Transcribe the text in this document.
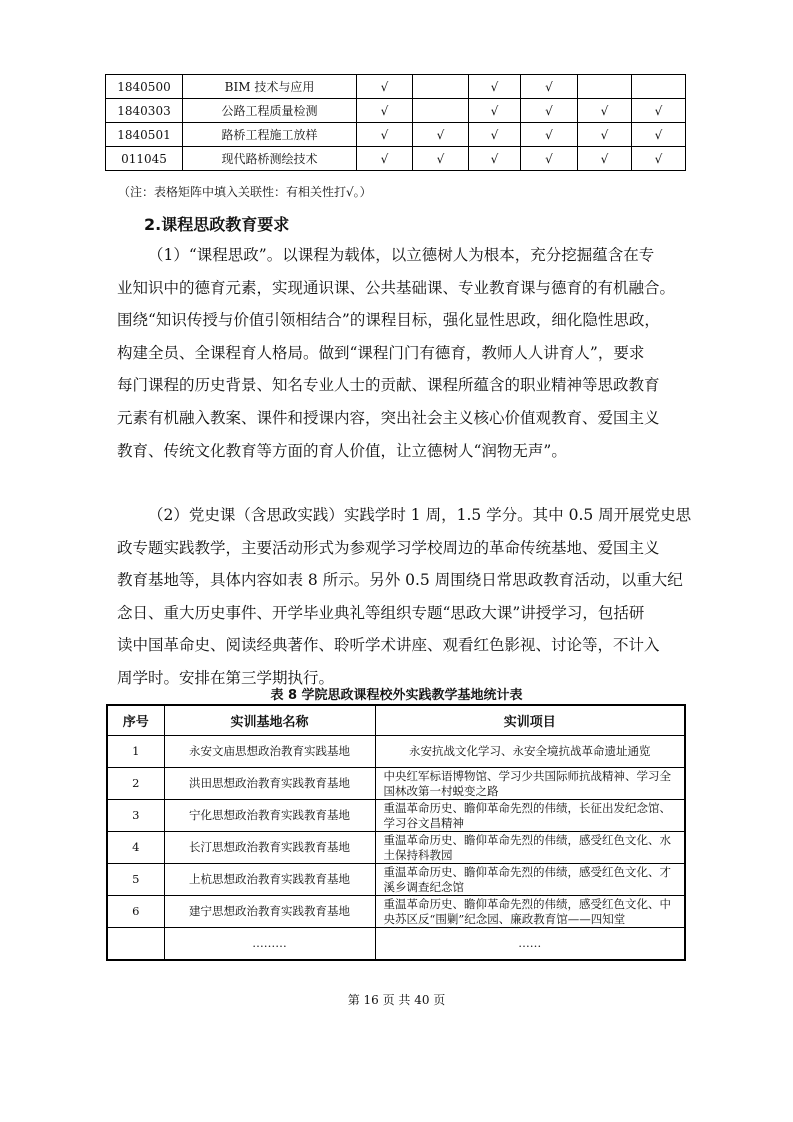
1840500	BIM 技术与应用	√		√	√		
1840303	公路工程质量检测	√		√	√	√	√
1840501	路桥工程施工放样	√	√	√	√	√	√
011045	现代路桥测绘技术	√	√	√	√	√	√
（注：表格矩阵中填入关联性：有相关性打√。）
2.课程思政教育要求
（1）“课程思政”。以课程为载体，以立德树人为根本，充分挖掘蕴含在专
业知识中的德育元素，实现通识课、公共基础课、专业教育课与德育的有机融合。
围绕“知识传授与价值引领相结合”的课程目标，强化显性思政，细化隐性思政，
构建全员、全课程育人格局。做到“课程门门有德育，教师人人讲育人”，要求
每门课程的历史背景、知名专业人士的贡献、课程所蕴含的职业精神等思政教育
元素有机融入教案、课件和授课内容，突出社会主义核心价值观教育、爱国主义
教育、传统文化教育等方面的育人价值，让立德树人“润物无声”。
（2）党史课（含思政实践）实践学时 1 周，1.5 学分。其中 0.5 周开展党史思
政专题实践教学，主要活动形式为参观学习学校周边的革命传统基地、爱国主义
教育基地等，具体内容如表 8 所示。另外 0.5 周围绕日常思政教育活动，以重大纪
念日、重大历史事件、开学毕业典礼等组织专题“思政大课”讲授学习，包括研
读中国革命史、阅读经典著作、聆听学术讲座、观看红色影视、讨论等，不计入
周学时。安排在第三学期执行。
表 8 学院思政课程校外实践教学基地统计表
序号	实训基地名称	实训项目
1	永安文庙思想政治教育实践基地	永安抗战文化学习、永安全境抗战革命遗址通览

2	洪田思想政治教育实践教育基地	中央红军标语博物馆、学习少共国际师抗战精神、学习全
国林改第一村蜕变之路

3	宁化思想政治教育实践教育基地	重温革命历史、瞻仰革命先烈的伟绩，长征出发纪念馆、
学习谷文昌精神

4	长汀思想政治教育实践教育基地	重温革命历史、瞻仰革命先烈的伟绩，感受红色文化、水
土保持科教园

5	上杭思想政治教育实践教育基地	重温革命历史、瞻仰革命先烈的伟绩，感受红色文化、才
溪乡调查纪念馆

6	建宁思想政治教育实践教育基地	重温革命历史、瞻仰革命先烈的伟绩，感受红色文化、中
央苏区反“围剿”纪念园、廉政教育馆——四知堂

	………	……
第 16 页 共 40 页
